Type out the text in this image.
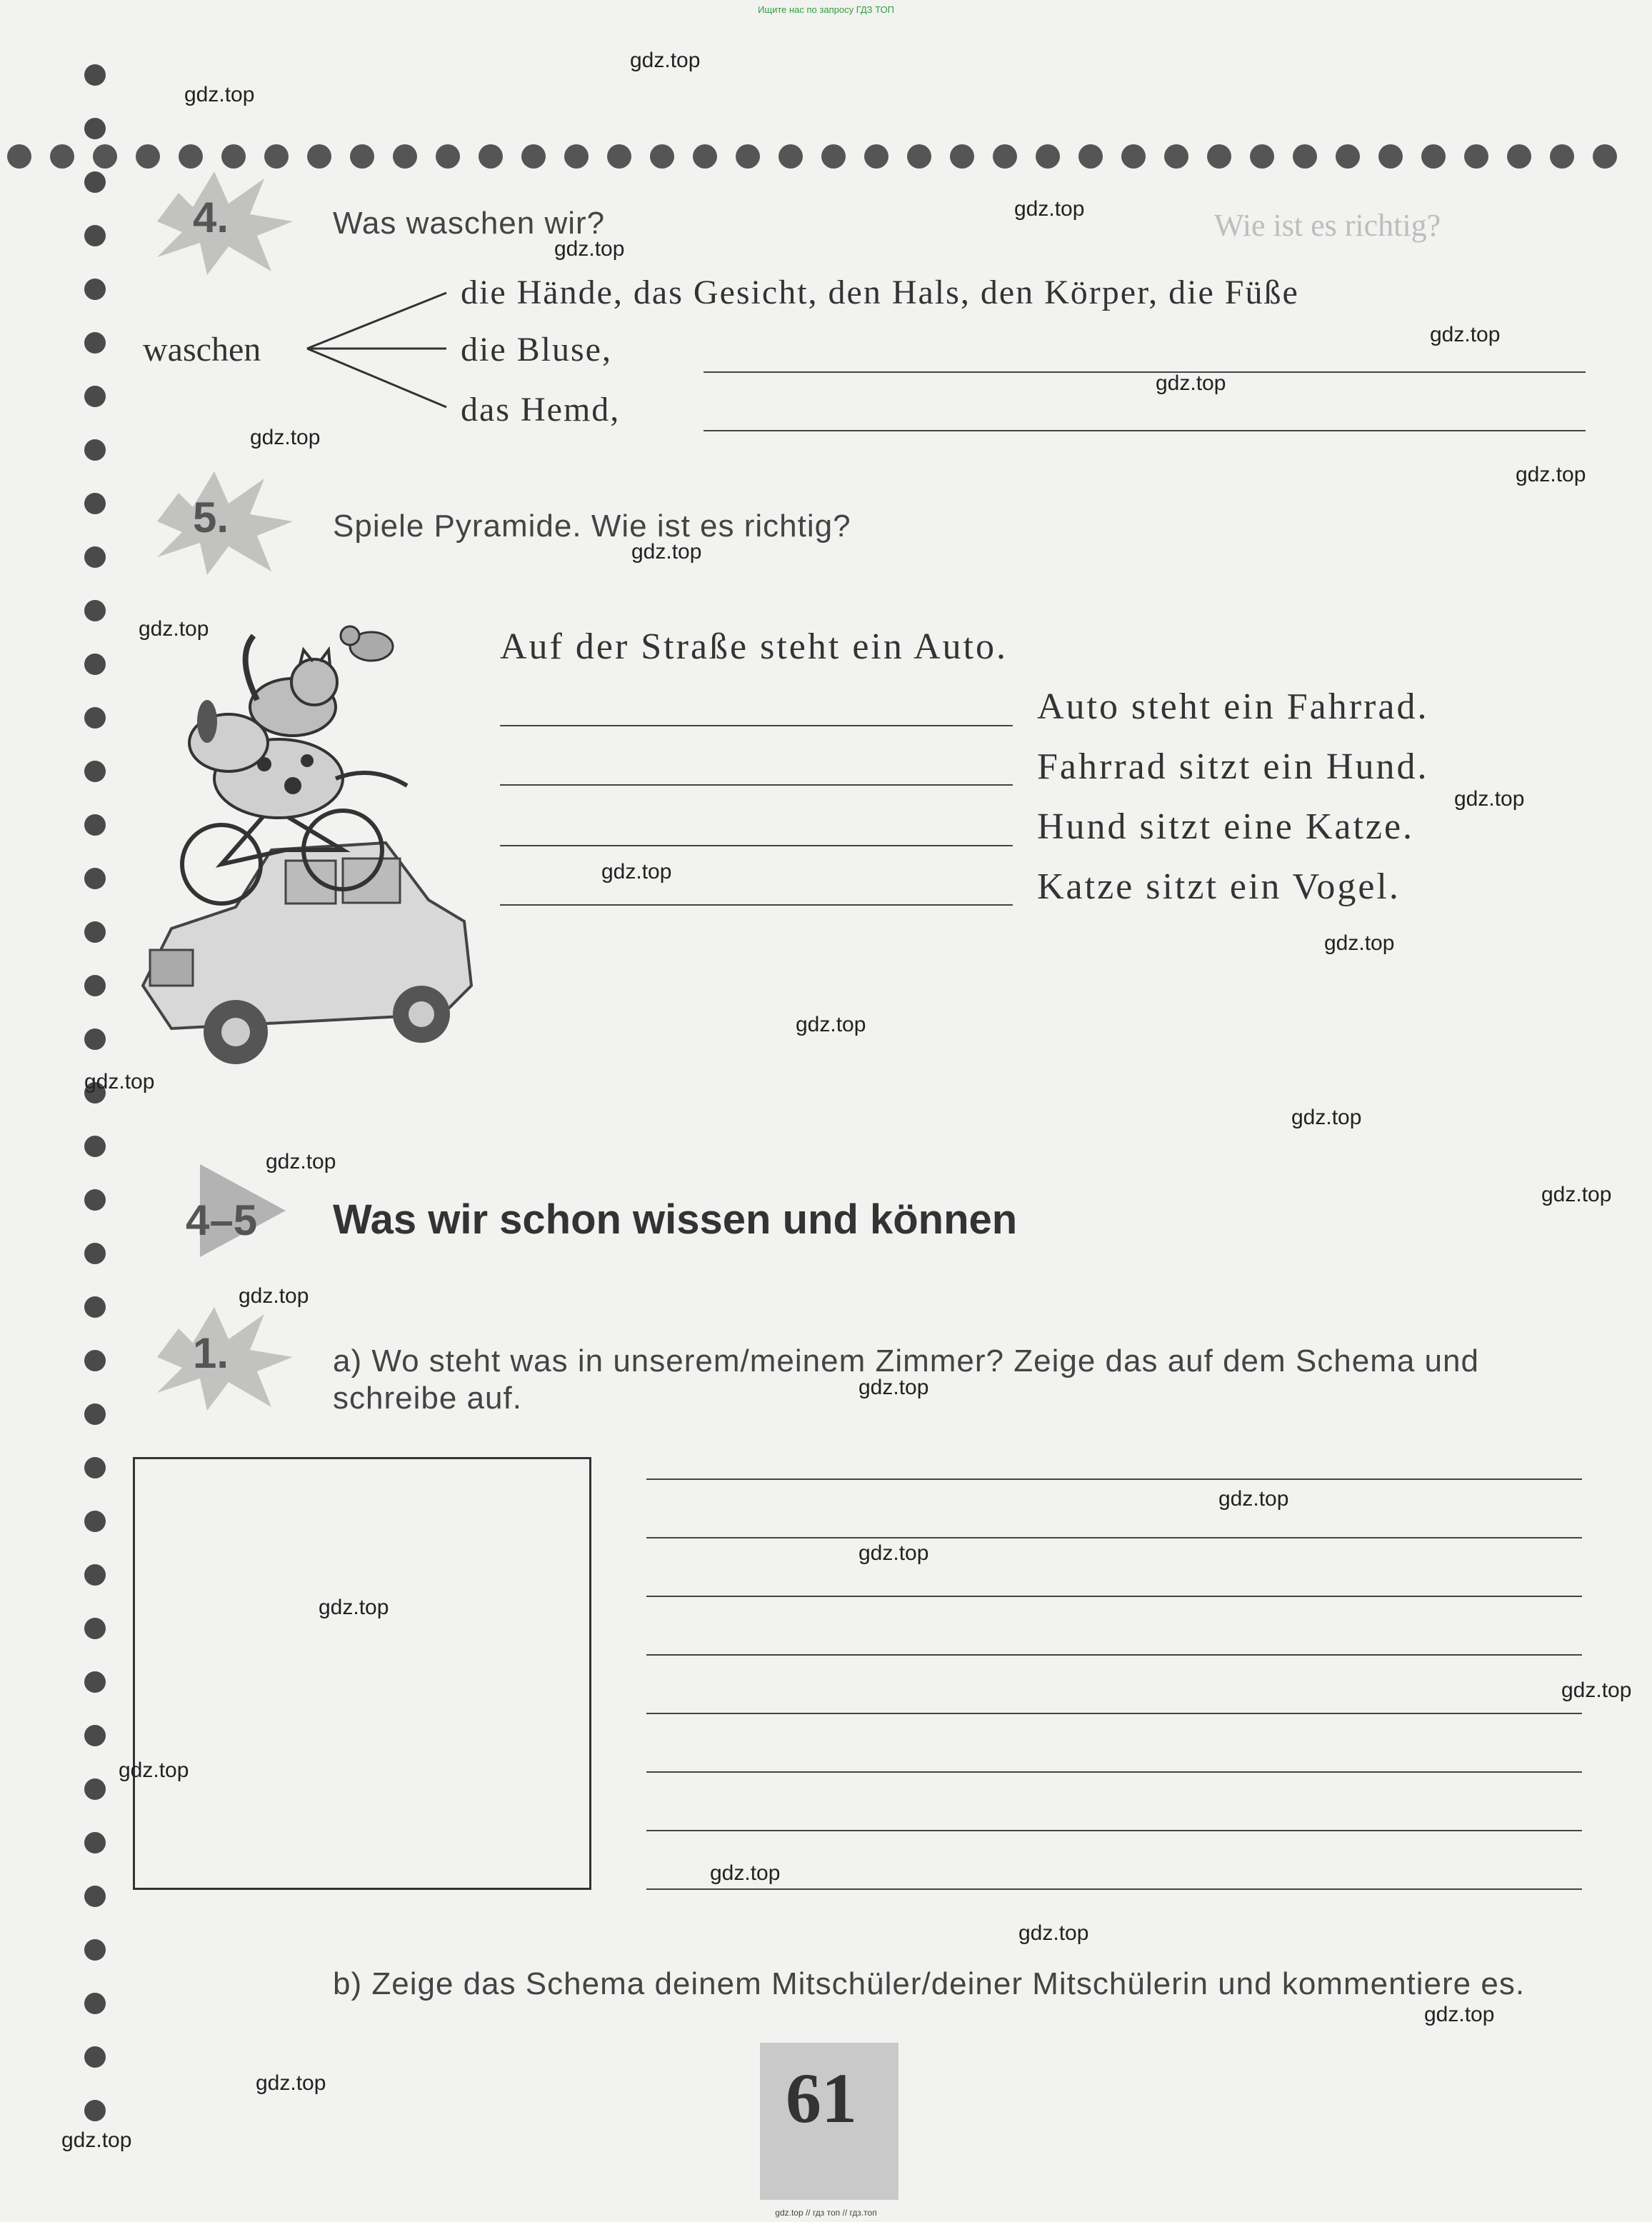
Ищите нас по запросу ГДЗ ТОП
Wie ist es richtig?
4.	Was waschen wir?
waschen
die Hände, das Gesicht, den Hals, den Körper, die Füße
die Bluse,
das Hemd,
5.	Spiele Pyramide. Wie ist es richtig?
Auf der Straße steht ein Auto.
Auto steht ein Fahrrad.
Fahrrad sitzt ein Hund.
Hund sitzt eine Katze.
Katze sitzt ein Vogel.
4–5 Was wir schon wissen und können
1.	a) Wo steht was in unserem/meinem Zimmer? Zeige das auf dem Schema und schreibe auf.
b) Zeige das Schema deinem Mitschüler/deiner Mitschülerin und kommentiere es.
61
gdz.top
gdz.top
gdz.top
gdz.top
gdz.top
gdz.top
gdz.top
gdz.top
gdz.top
gdz.top
gdz.top
gdz.top
gdz.top
gdz.top
gdz.top
gdz.top
gdz.top
gdz.top
gdz.top
gdz.top
gdz.top
gdz.top
gdz.top
gdz.top
gdz.top
gdz.top
gdz.top
gdz.top
gdz.top
gdz.top
gdz.top // гдз топ // гдз.топ
